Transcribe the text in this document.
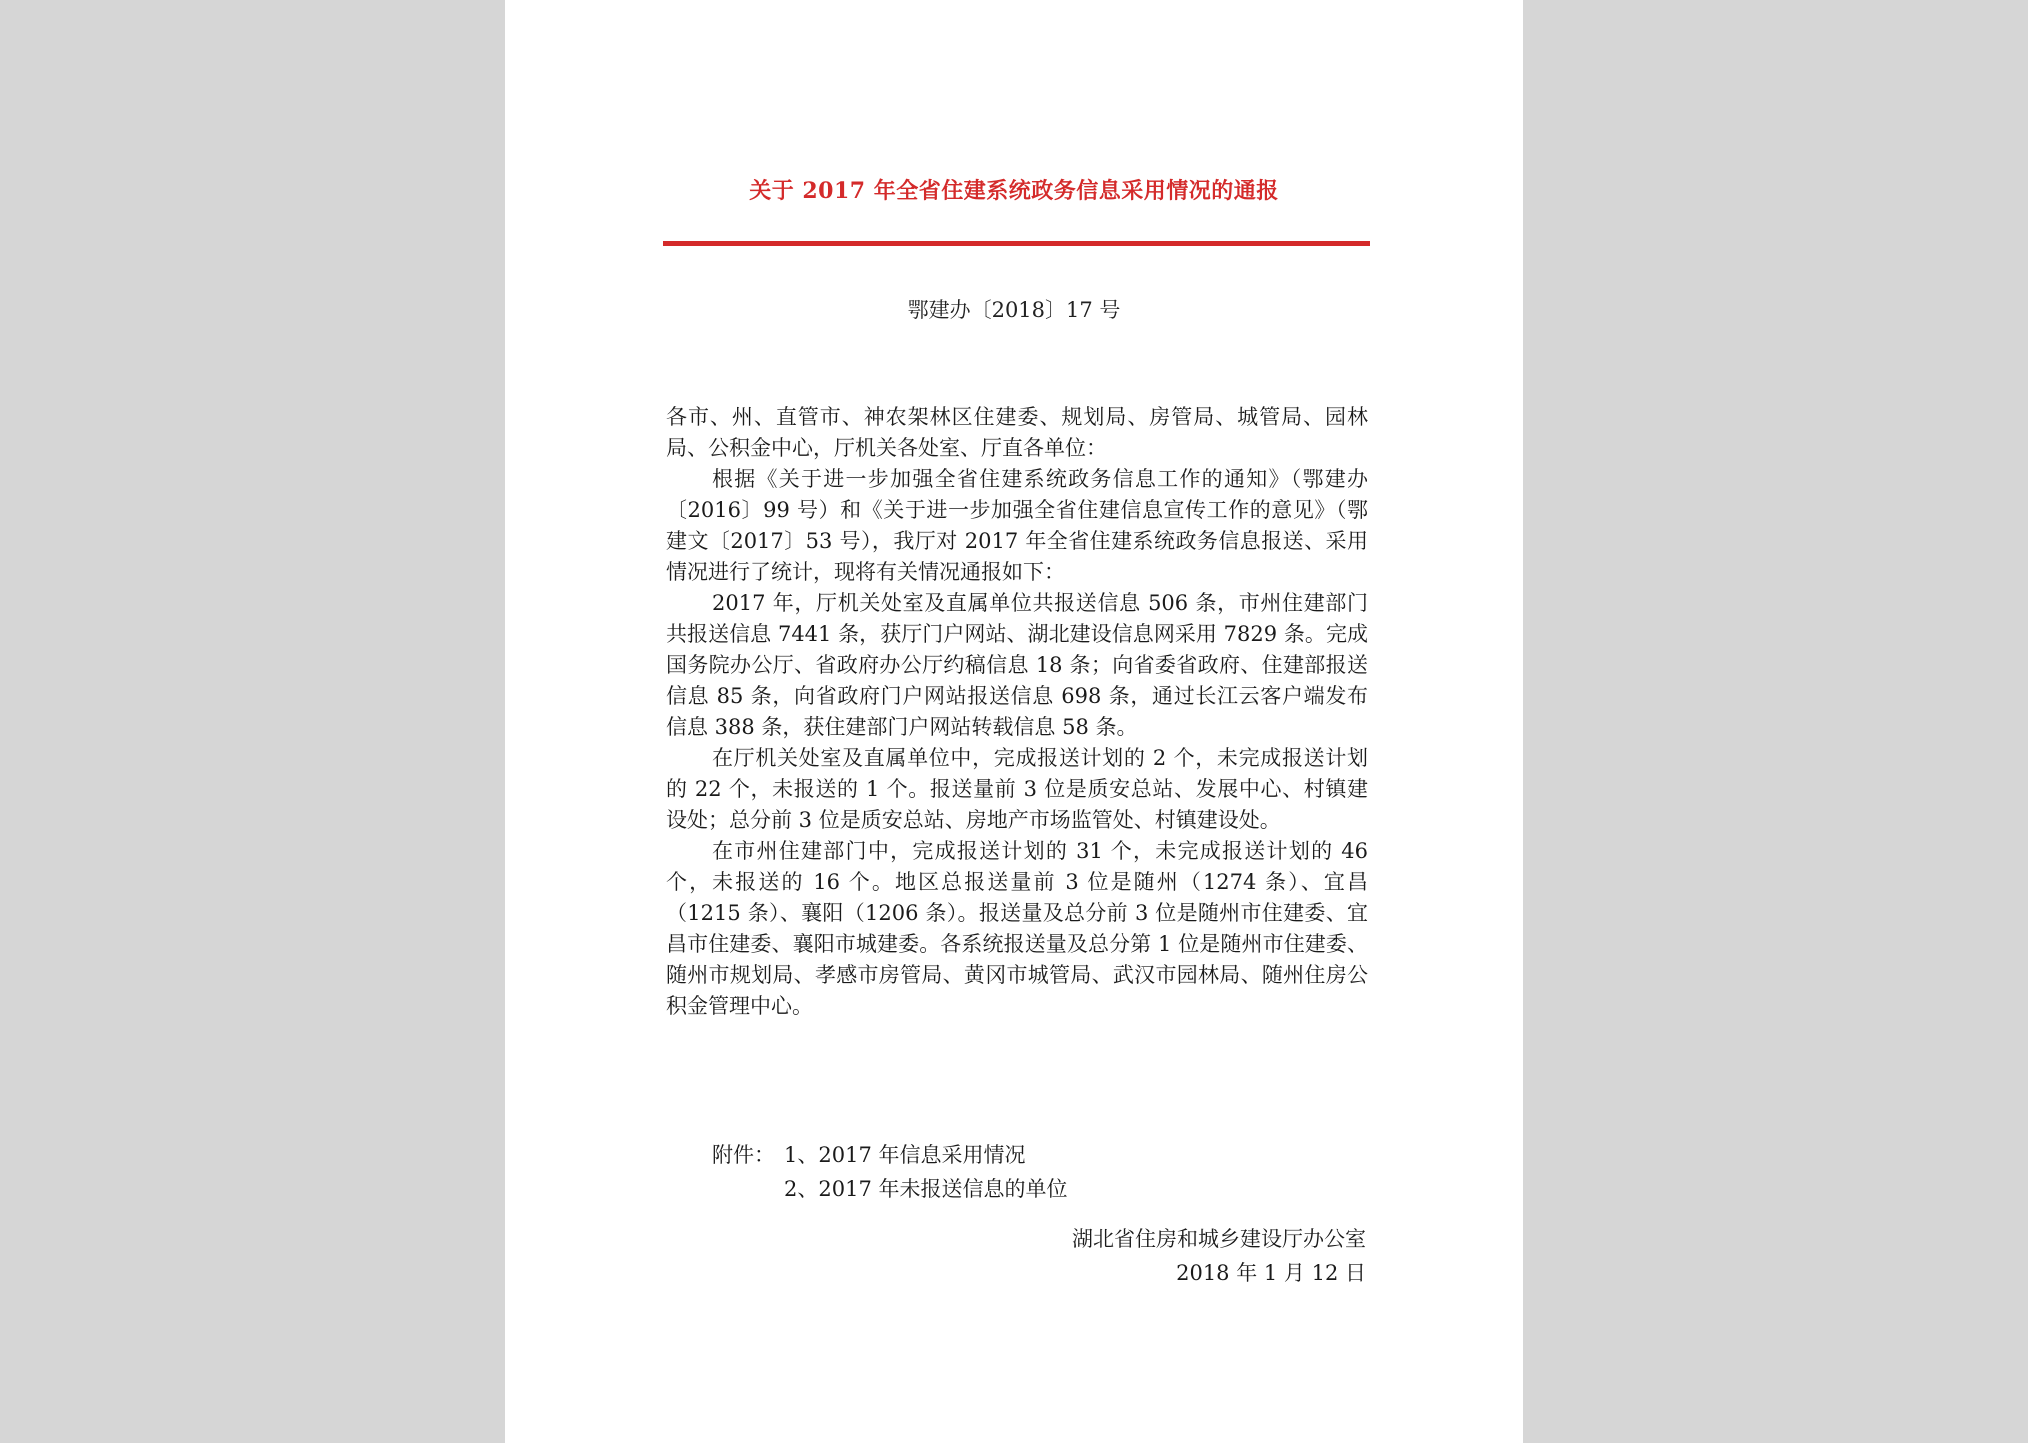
关于 2017 年全省住建系统政务信息采用情况的通报
鄂建办〔2018〕17 号

各市、州、直管市、神农架林区住建委、规划局、房管局、城管局、园林局、公积金中心，厅机关各处室、厅直各单位：

根据《关于进一步加强全省住建系统政务信息工作的通知》（鄂建办〔2016〕99 号）和《关于进一步加强全省住建信息宣传工作的意见》（鄂建文〔2017〕53 号），我厅对 2017 年全省住建系统政务信息报送、采用情况进行了统计，现将有关情况通报如下：

2017 年，厅机关处室及直属单位共报送信息 506 条，市州住建部门共报送信息 7441 条，获厅门户网站、湖北建设信息网采用 7829 条。完成国务院办公厅、省政府办公厅约稿信息 18 条；向省委省政府、住建部报送信息 85 条，向省政府门户网站报送信息 698 条，通过长江云客户端发布信息 388 条，获住建部门户网站转载信息 58 条。

在厅机关处室及直属单位中，完成报送计划的 2 个，未完成报送计划的 22 个，未报送的 1 个。报送量前 3 位是质安总站、发展中心、村镇建设处；总分前 3 位是质安总站、房地产市场监管处、村镇建设处。

在市州住建部门中，完成报送计划的 31 个，未完成报送计划的 46 个，未报送的 16 个。地区总报送量前 3 位是随州（1274 条）、宜昌（1215 条）、襄阳（1206 条）。报送量及总分前 3 位是随州市住建委、宜昌市住建委、襄阳市城建委。各系统报送量及总分第 1 位是随州市住建委、随州市规划局、孝感市房管局、黄冈市城管局、武汉市园林局、随州住房公积金管理中心。

附件： 1、2017 年信息采用情况
2、2017 年未报送信息的单位
湖北省住房和城乡建设厅办公室
2018 年 1 月 12 日
